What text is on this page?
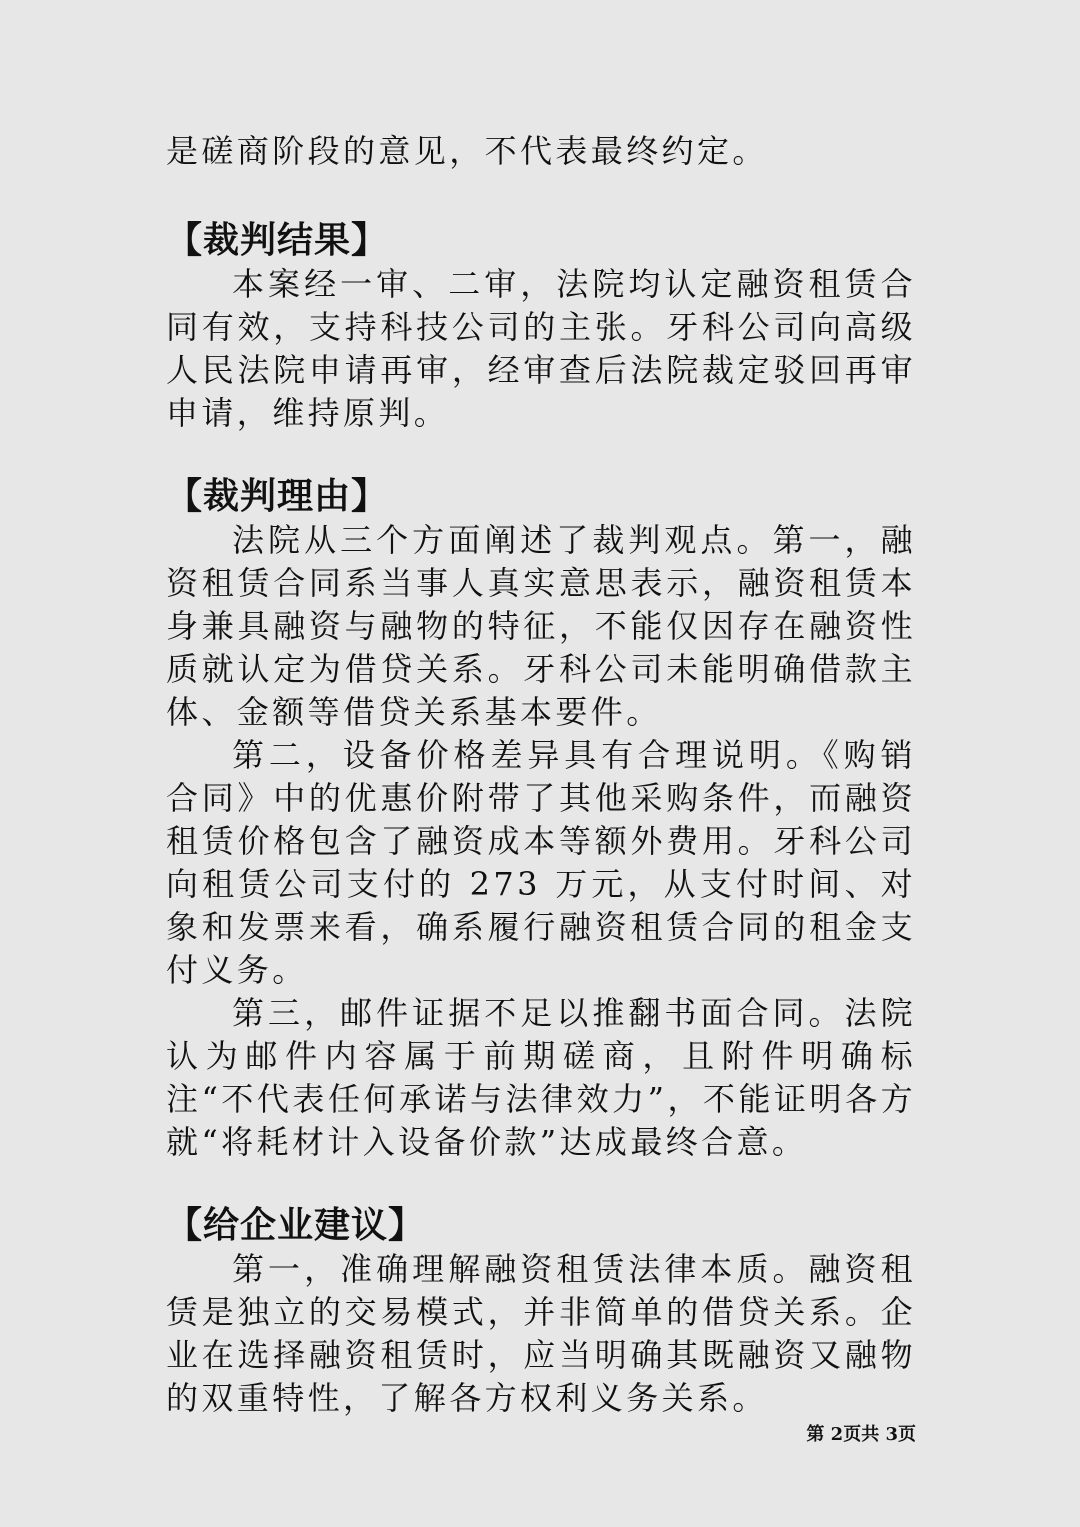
是磋商阶段的意见，不代表最终约定。

【裁判结果】

本案经一审、二审，法院均认定融资租赁合同有效，支持科技公司的主张。牙科公司向高级人民法院申请再审，经审查后法院裁定驳回再审申请，维持原判。

【裁判理由】

法院从三个方面阐述了裁判观点。第一，融资租赁合同系当事人真实意思表示，融资租赁本身兼具融资与融物的特征，不能仅因存在融资性质就认定为借贷关系。牙科公司未能明确借款主体、金额等借贷关系基本要件。

第二，设备价格差异具有合理说明。《购销合同》中的优惠价附带了其他采购条件，而融资租赁价格包含了融资成本等额外费用。牙科公司向租赁公司支付的 273 万元，从支付时间、对象和发票来看，确系履行融资租赁合同的租金支付义务。

第三，邮件证据不足以推翻书面合同。法院认为邮件内容属于前期磋商，且附件明确标注“不代表任何承诺与法律效力”，不能证明各方就“将耗材计入设备价款”达成最终合意。

【给企业建议】

第一，准确理解融资租赁法律本质。融资租赁是独立的交易模式，并非简单的借贷关系。企业在选择融资租赁时，应当明确其既融资又融物的双重特性，了解各方权利义务关系。

第 2页共 3页
